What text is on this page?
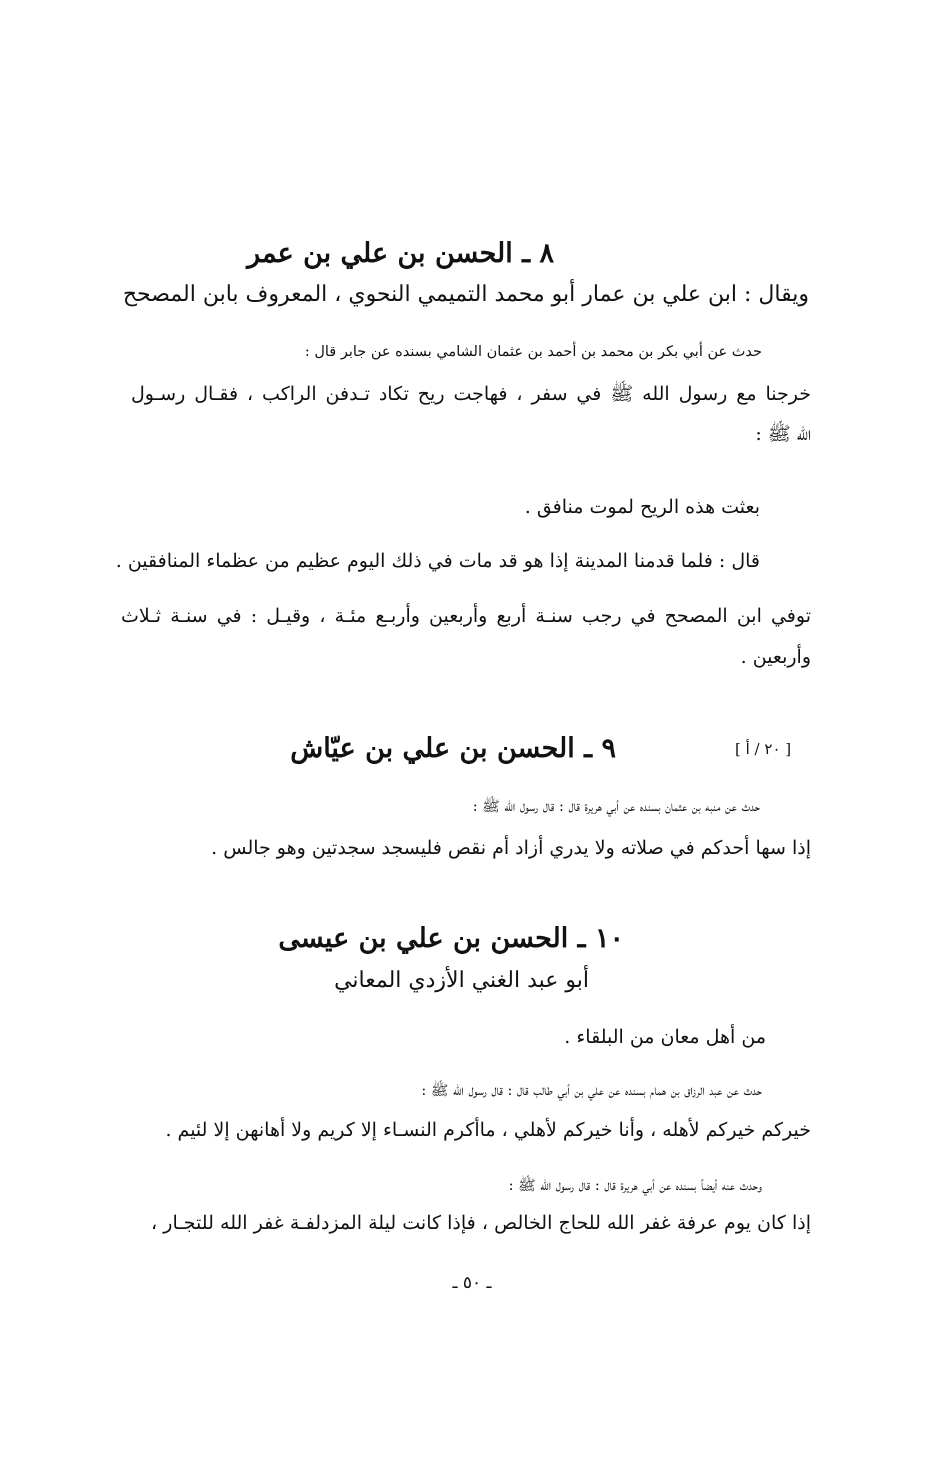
٨ ـ الحسن بن علي بن عمر
ويقال : ابن علي بن عمار أبو محمد التميمي النحوي ، المعروف بابن المصحح
حدث عن أبي بكر بن محمد بن أحمد بن عثمان الشامي بسنده عن جابر قال :
خرجنا مع رسول الله ﷺ في سفر ، فهاجت ريح تكاد تـدفن الراكب ، فقـال رسـول
الله ﷺ :
بعثت هذه الريح لموت منافق .
قال : فلما قدمنا المدينة إذا هو قد مات في ذلك اليوم عظيم من عظماء المنافقين .
توفي ابن المصحح في رجب سنـة أربع وأربعين وأربـع مئـة ، وقيـل : في سنـة ثـلاث
وأربعين .
[ ٢٠ / أ ]
٩ ـ الحسن بن علي بن عيّاش
حدث عن منبه بن عثمان بسنده عن أبي هريرة قال : قال رسول الله ﷺ :
إذا سها أحدكم في صلاته ولا يدري أزاد أم نقص فليسجد سجدتين وهو جالس .
١٠ ـ الحسن بن علي بن عيسى
أبو عبد الغني الأزدي المعاني
من أهل معان من البلقاء .
حدث عن عبد الرزاق بن همام بسنده عن علي بن أبي طالب قال : قال رسول الله ﷺ :
خيركم خيركم لأهله ، وأنا خيركم لأهلي ، ماأكرم النسـاء إلا كريم ولا أهانهن إلا لئيم .
وحدث عنه أيضاً بسنده عن أبي هريرة قال : قال رسول الله ﷺ :
إذا كان يوم عرفة غفر الله للحاج الخالص ، فإذا كانت ليلة المزدلفـة غفر الله للتجـار ،
ـ ٥٠ ـ
